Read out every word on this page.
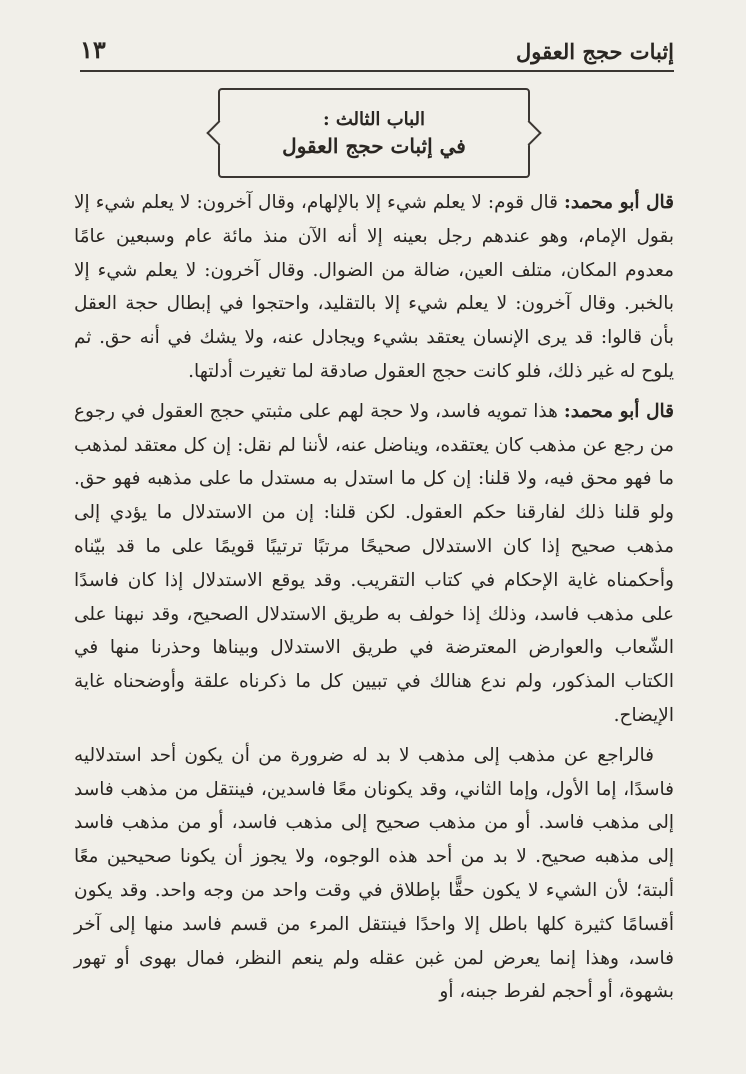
١٣	إثبات حجج العقول
الباب الثالث :
في إثبات حجج العقول

قال أبو محمد: قال قوم: لا يعلم شيء إلا بالإلهام، وقال آخرون: لا يعلم شيء إلا بقول الإمام، وهو عندهم رجل بعينه إلا أنه الآن منذ مائة عام وسبعين عامًا معدوم المكان، متلف العين، ضالة من الضوال. وقال آخرون: لا يعلم شيء إلا بالخبر. وقال آخرون: لا يعلم شيء إلا بالتقليد، واحتجوا في إبطال حجة العقل بأن قالوا: قد يرى الإنسان يعتقد بشيء ويجادل عنه، ولا يشك في أنه حق. ثم يلوح له غير ذلك، فلو كانت حجج العقول صادقة لما تغيرت أدلتها.

قال أبو محمد: هذا تمويه فاسد، ولا حجة لهم على مثبتي حجج العقول في رجوع من رجع عن مذهب كان يعتقده، ويناضل عنه، لأننا لم نقل: إن كل معتقد لمذهب ما فهو محق فيه، ولا قلنا: إن كل ما استدل به مستدل ما على مذهبه فهو حق. ولو قلنا ذلك لفارقنا حكم العقول. لكن قلنا: إن من الاستدلال ما يؤدي إلى مذهب صحيح إذا كان الاستدلال صحيحًا مرتبًا ترتيبًا قويمًا على ما قد بيّناه وأحكمناه غاية الإحكام في كتاب التقريب. وقد يوقع الاستدلال إذا كان فاسدًا على مذهب فاسد، وذلك إذا خولف به طريق الاستدلال الصحيح، وقد نبهنا على الشّعاب والعوارض المعترضة في طريق الاستدلال وبيناها وحذرنا منها في الكتاب المذكور، ولم ندع هنالك في تبيين كل ما ذكرناه علقة وأوضحناه غاية الإيضاح.

فالراجع عن مذهب إلى مذهب لا بد له ضرورة من أن يكون أحد استدلاليه فاسدًا، إما الأول، وإما الثاني، وقد يكونان معًا فاسدين، فينتقل من مذهب فاسد إلى مذهب فاسد. أو من مذهب صحيح إلى مذهب فاسد، أو من مذهب فاسد إلى مذهبه صحيح. لا بد من أحد هذه الوجوه، ولا يجوز أن يكونا صحيحين معًا ألبتة؛ لأن الشيء لا يكون حقًّا بإطلاق في وقت واحد من وجه واحد. وقد يكون أقسامًا كثيرة كلها باطل إلا واحدًا فينتقل المرء من قسم فاسد منها إلى آخر فاسد، وهذا إنما يعرض لمن غبن عقله ولم ينعم النظر، فمال بهوى أو تهور بشهوة، أو أحجم لفرط جبنه، أو
